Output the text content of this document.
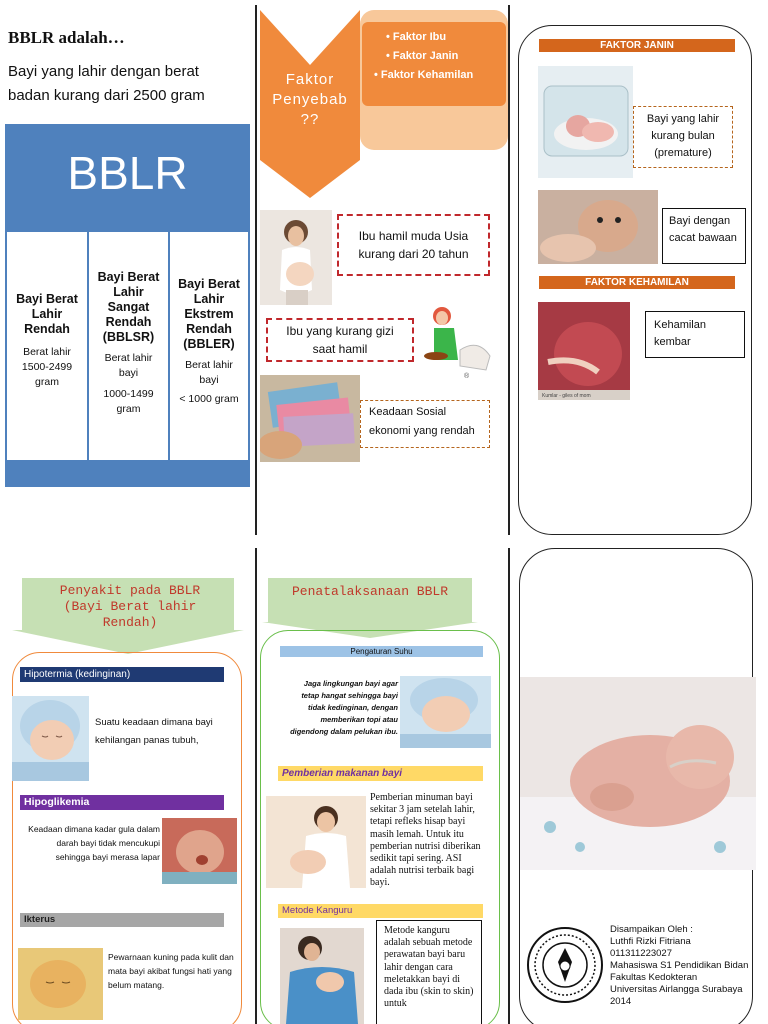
BBLR adalah…
Bayi yang lahir dengan berat badan kurang dari 2500 gram
BBLR
Bayi Berat Lahir Rendah
Berat lahir 1500-2499 gram
Bayi Berat Lahir Sangat Rendah (BBLSR)
Berat lahir bayi
1000-1499 gram
Bayi Berat Lahir Ekstrem Rendah (BBLER)
Berat lahir bayi
< 1000 gram
Faktor Penyebab ??
• Faktor Ibu
• Faktor Janin
• Faktor Kehamilan
Ibu hamil muda Usia kurang dari 20 tahun
Ibu yang kurang gizi saat hamil
®
Keadaan Sosial ekonomi yang rendah
FAKTOR JANIN
Bayi yang lahir kurang bulan (premature)
Bayi dengan cacat bawaan
FAKTOR KEHAMILAN
Kumlar - giles of mom
Kehamilan kembar
Penyakit pada BBLR (Bayi Berat lahir Rendah)
Hipotermia (kedinginan)
Suatu keadaan dimana bayi kehilangan panas tubuh,
Hipoglikemia
Keadaan dimana kadar gula dalam darah bayi tidak mencukupi sehingga bayi merasa lapar
Ikterus
Pewarnaan kuning pada kulit dan mata bayi akibat fungsi hati yang belum matang.
Penatalaksanaan BBLR
Pengaturan Suhu
Jaga lingkungan bayi agar tetap hangat sehingga bayi tidak kedinginan, dengan memberikan topi atau digendong dalam pelukan ibu.
Pemberian makanan bayi
Pemberian minuman bayi sekitar 3 jam setelah lahir, tetapi refleks hisap bayi masih lemah. Untuk itu pemberian nutrisi diberikan sedikit tapi sering. ASI adalah nutrisi terbaik bagi bayi.
Metode Kanguru
Metode kanguru adalah sebuah metode perawatan bayi baru lahir dengan cara meletakkan bayi di dada ibu (skin to skin) untuk
Disampaikan Oleh :
Luthfi Rizki Fitriana
011311223027
Mahasiswa S1 Pendidikan Bidan
Fakultas Kedokteran
Universitas Airlangga Surabaya
2014
